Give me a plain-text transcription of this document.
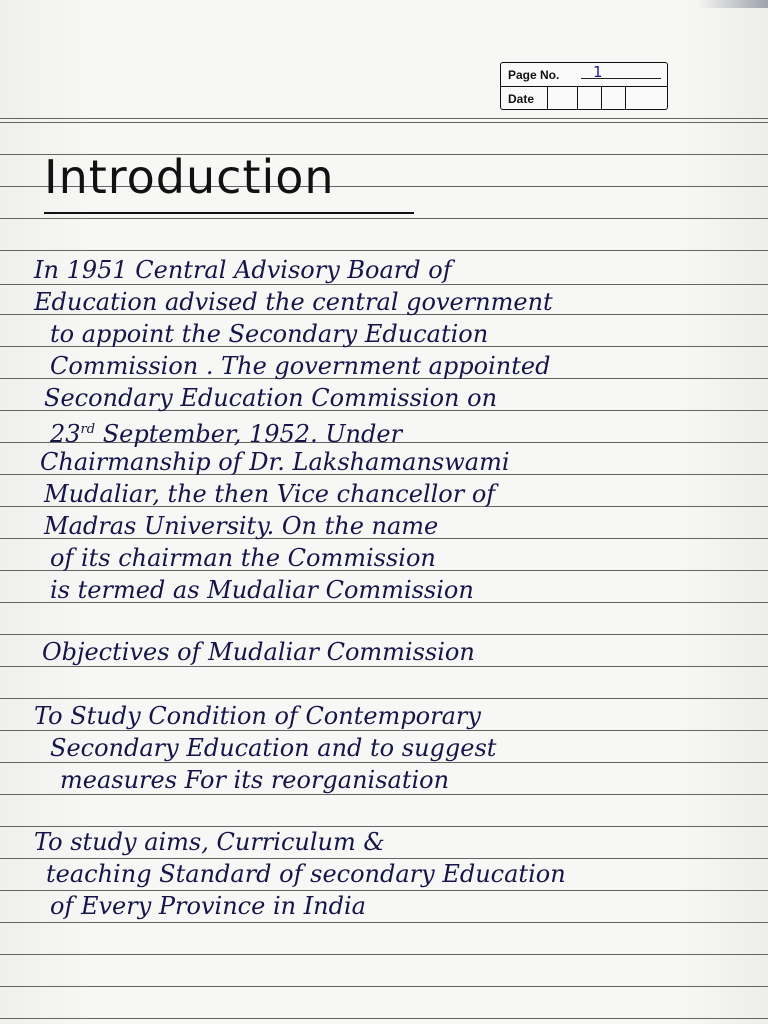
Page No.	1
Date
Introduction
In 1951 Central Advisory Board of
Education advised the central government
to appoint the Secondary Education
Commission . The government appointed
Secondary Education Commission on
23rd September, 1952. Under
Chairmanship of Dr. Lakshamanswami
Mudaliar, the then Vice chancellor of
Madras University. On the name
of its chairman the Commission
is termed as Mudaliar Commission
Objectives of Mudaliar Commission
To Study Condition of Contemporary
Secondary Education and to suggest
measures For its reorganisation
To study aims, Curriculum &
teaching Standard of secondary Education
of Every Province in India
